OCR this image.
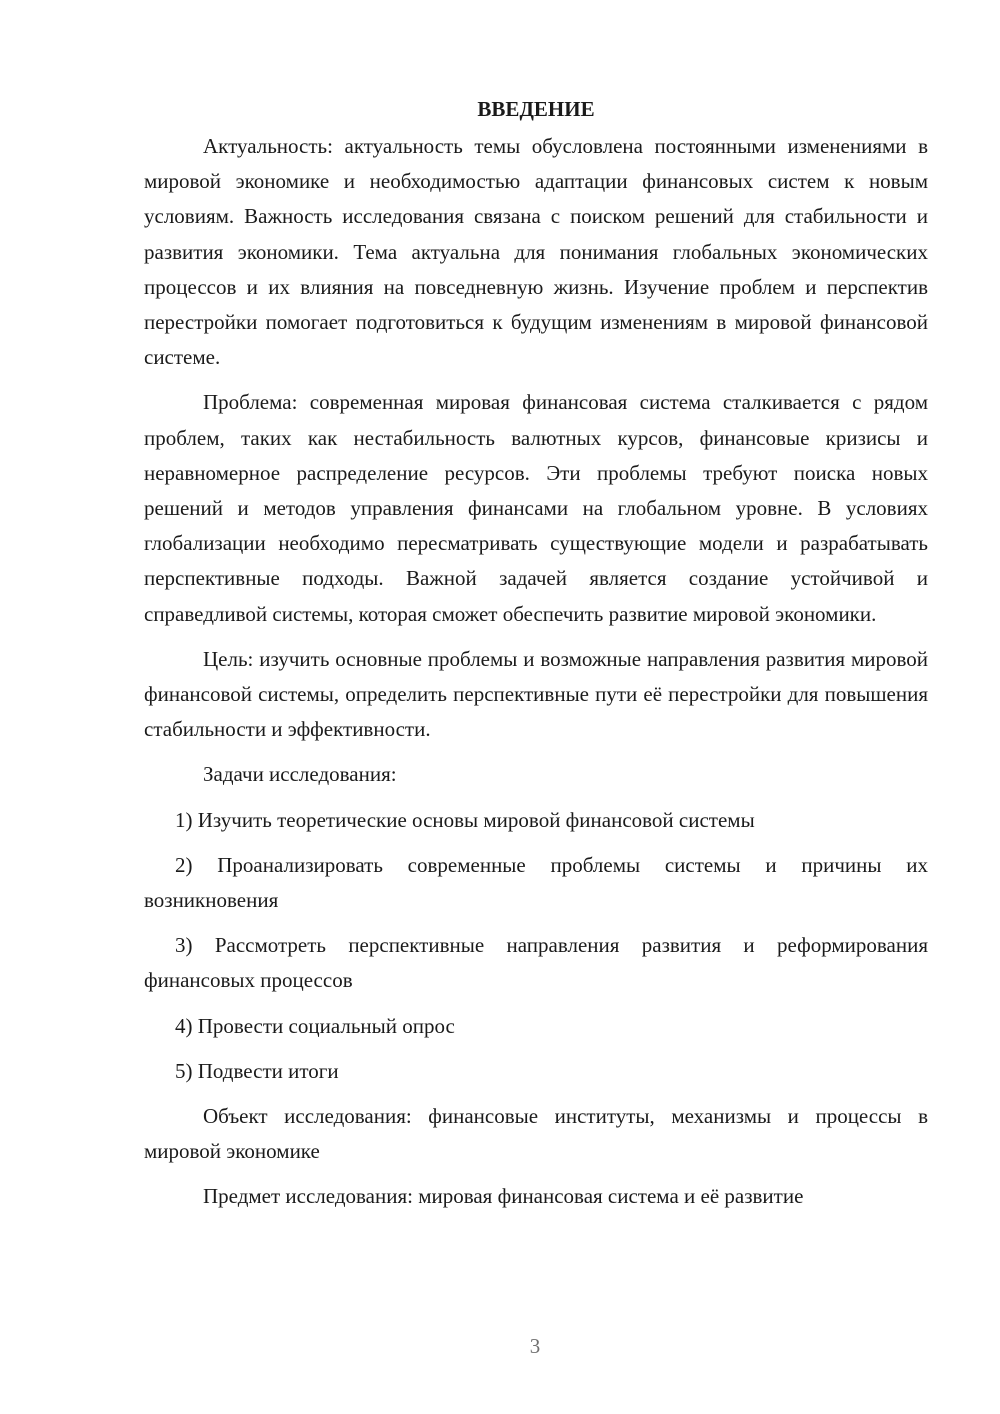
ВВЕДЕНИЕ

Актуальность: актуальность темы обусловлена постоянными изменениями в мировой экономике и необходимостью адаптации финансовых систем к новым условиям. Важность исследования связана с поиском решений для стабильности и развития экономики. Тема актуальна для понимания глобальных экономических процессов и их влияния на повседневную жизнь. Изучение проблем и перспектив перестройки помогает подготовиться к будущим изменениям в мировой финансовой системе.

Проблема: современная мировая финансовая система сталкивается с рядом проблем, таких как нестабильность валютных курсов, финансовые кризисы и неравномерное распределение ресурсов. Эти проблемы требуют поиска новых решений и методов управления финансами на глобальном уровне. В условиях глобализации необходимо пересматривать существующие модели и разрабатывать перспективные подходы. Важной задачей является создание устойчивой и справедливой системы, которая сможет обеспечить развитие мировой экономики.

Цель: изучить основные проблемы и возможные направления развития мировой финансовой системы, определить перспективные пути её перестройки для повышения стабильности и эффективности.

Задачи исследования:

1) Изучить теоретические основы мировой финансовой системы

2) Проанализировать современные проблемы системы и причины их возникновения

3) Рассмотреть перспективные направления развития и реформирования финансовых процессов

4) Провести социальный опрос

5) Подвести итоги

Объект исследования: финансовые институты, механизмы и процессы в мировой экономике

Предмет исследования: мировая финансовая система и её развитие

3
